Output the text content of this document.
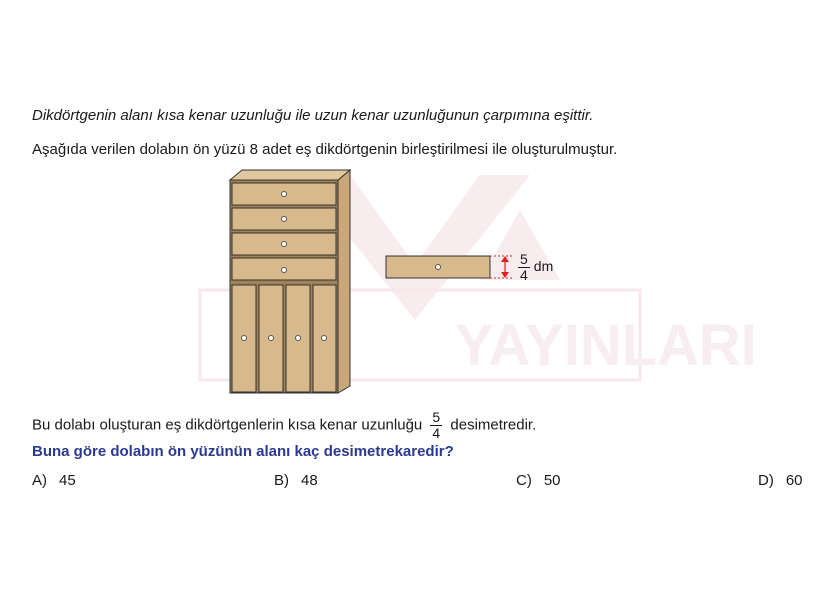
YAYINLARI
$\frac{5}{4}$ dm
Dikdörtgenin alanı kısa kenar uzunluğu ile uzun kenar uzunluğunun çarpımına eşittir.
Aşağıda verilen dolabın ön yüzü 8 adet eş dikdörtgenin birleştirilmesi ile oluşturulmuştur.
Bu dolabı oluşturan eş dikdörtgenlerin kısa kenar uzunluğu $\frac{5}{4}$ desimetredir.
Buna göre dolabın ön yüzünün alanı kaç desimetrekaredir?
A) 45	B) 48	C) 50	D) 60
